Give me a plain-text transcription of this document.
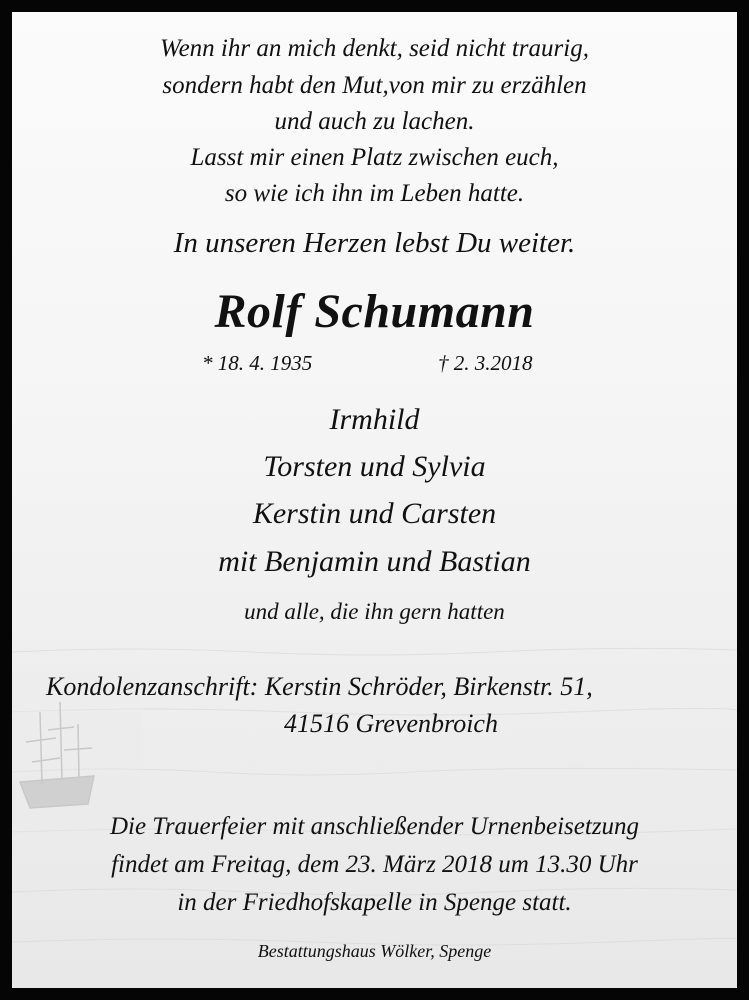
Wenn ihr an mich denkt, seid nicht traurig,
sondern habt den Mut,von mir zu erzählen
und auch zu lachen.
Lasst mir einen Platz zwischen euch,
so wie ich ihn im Leben hatte.
In unseren Herzen lebst Du weiter.
Rolf Schumann
* 18. 4. 1935	† 2. 3.2018
Irmhild
Torsten und Sylvia
Kerstin und Carsten
mit Benjamin und Bastian
und alle, die ihn gern hatten
Kondolenzanschrift: Kerstin Schröder, Birkenstr. 51,
41516 Grevenbroich
Die Trauerfeier mit anschließender Urnenbeisetzung
findet am Freitag, dem 23. März 2018 um 13.30 Uhr
in der Friedhofskapelle in Spenge statt.
Bestattungshaus Wölker, Spenge
